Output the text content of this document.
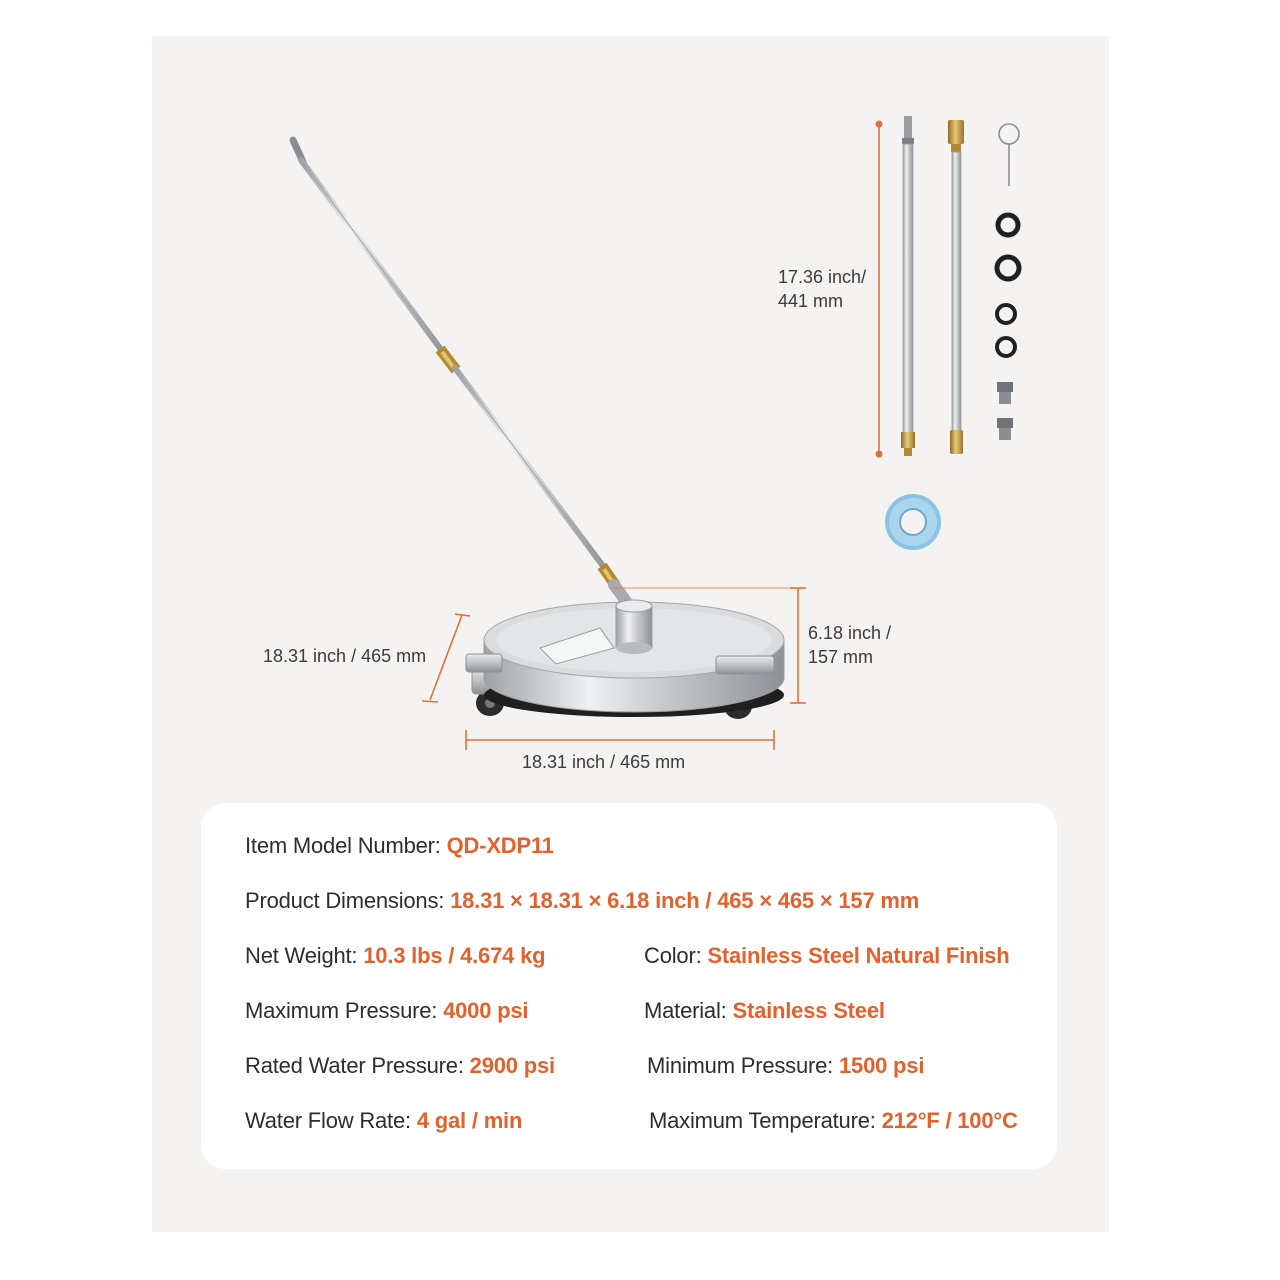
17.36 inch/
441 mm
18.31 inch / 465 mm
18.31 inch / 465 mm
6.18 inch /
157 mm
Item Model Number: QD-XDP11
Product Dimensions: 18.31 × 18.31 × 6.18 inch / 465 × 465 × 157 mm
Net Weight: 10.3 lbs / 4.674 kg	Color: Stainless Steel Natural Finish
Maximum Pressure: 4000 psi	Material: Stainless Steel
Rated Water Pressure: 2900 psi	Minimum Pressure: 1500 psi
Water Flow Rate: 4 gal / min	Maximum Temperature: 212°F / 100°C
